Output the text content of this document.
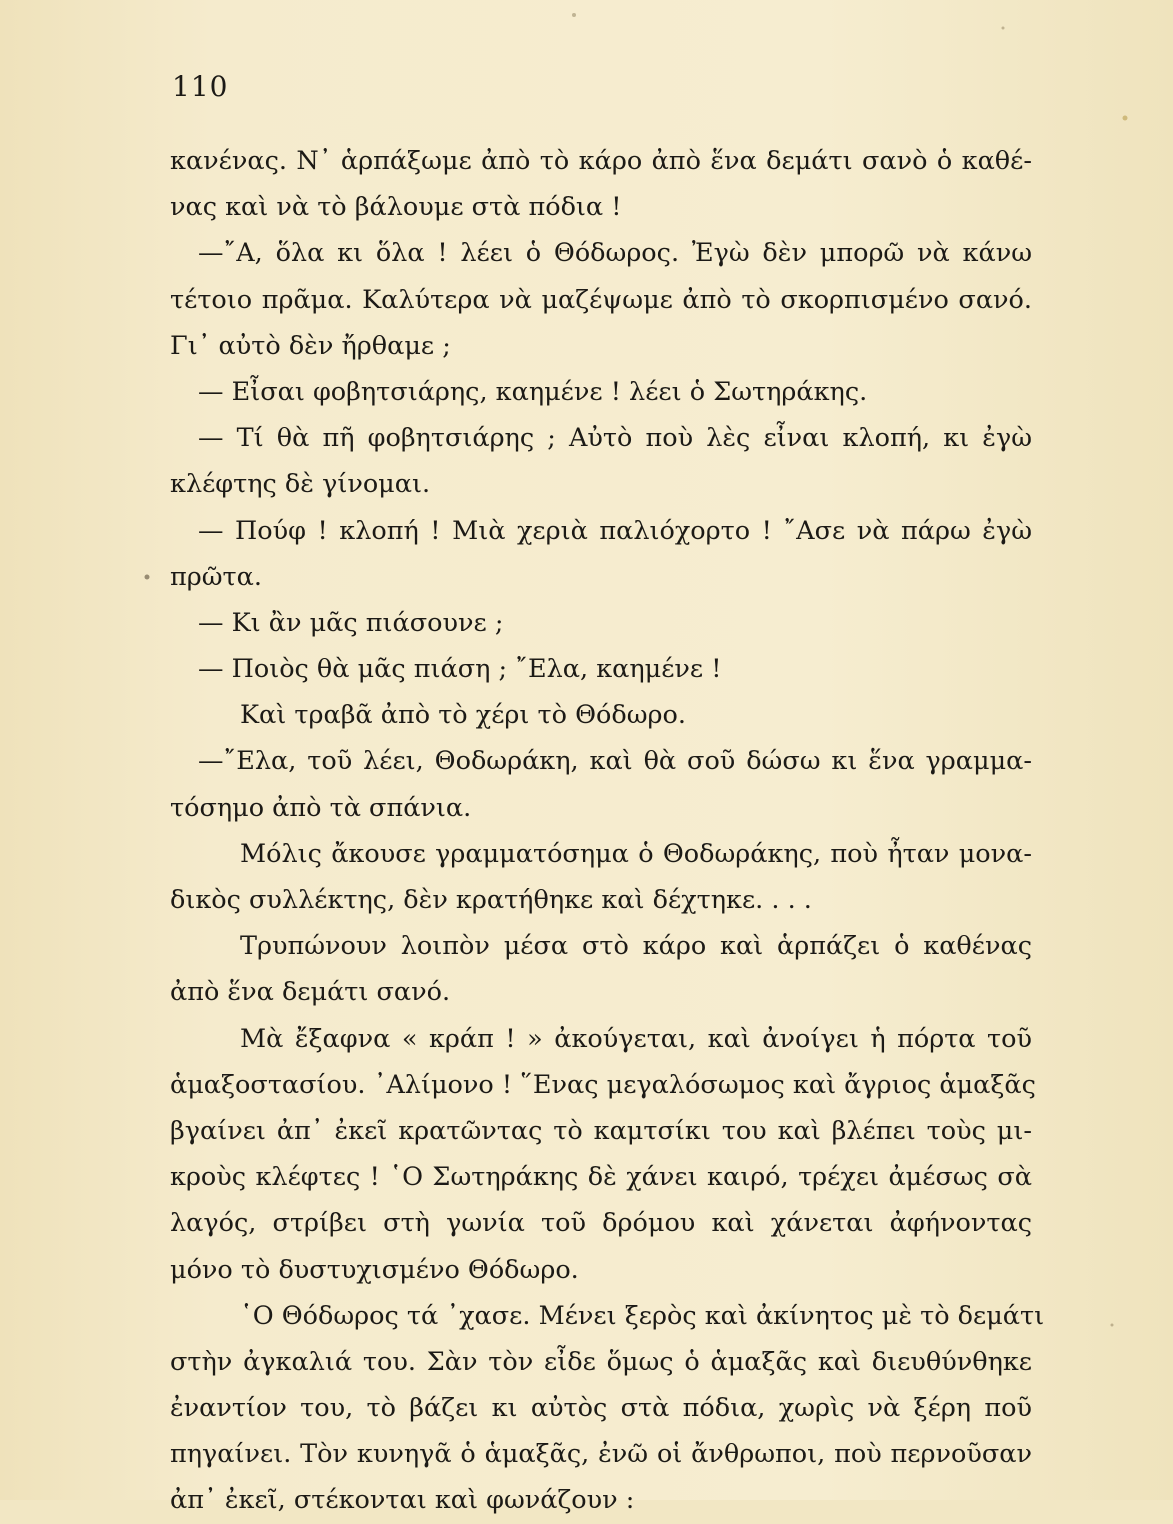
110
κανένας. Ν᾿ ἁρπάξωμε ἀπὸ τὸ κάρο ἀπὸ ἕνα δεμάτι σανὸ ὁ καθέ-
νας καὶ νὰ τὸ βάλουμε στὰ πόδια !
—῎Α, ὅλα κι ὅλα ! λέει ὁ Θόδωρος. Ἐγὼ δὲν μπορῶ νὰ κάνω
τέτοιο πρᾶμα. Καλύτερα νὰ μαζέψωμε ἀπὸ τὸ σκορπισμένο σανό.
Γι᾿ αὐτὸ δὲν ἤρθαμε ;
— Εἶσαι φοβητσιάρης, καημένε ! λέει ὁ Σωτηράκης.
— Τί θὰ πῆ φοβητσιάρης ; Αὐτὸ ποὺ λὲς εἶναι κλοπή, κι ἐγὼ
κλέφτης δὲ γίνομαι.
— Πούφ ! κλοπή ! Μιὰ χεριὰ παλιόχορτο ! ῎Ασε νὰ πάρω ἐγὼ
πρῶτα.
— Κι ἂν μᾶς πιάσουνε ;
— Ποιὸς θὰ μᾶς πιάση ; ῎Ελα, καημένε !
Καὶ τραβᾶ ἀπὸ τὸ χέρι τὸ Θόδωρο.
—῎Ελα, τοῦ λέει, Θοδωράκη, καὶ θὰ σοῦ δώσω κι ἕνα γραμμα-
τόσημο ἀπὸ τὰ σπάνια.
Μόλις ἄκουσε γραμματόσημα ὁ Θοδωράκης, ποὺ ἦταν μονα-
δικὸς συλλέκτης, δὲν κρατήθηκε καὶ δέχτηκε. . . .
Τρυπώνουν λοιπὸν μέσα στὸ κάρο καὶ ἁρπάζει ὁ καθένας
ἀπὸ ἕνα δεμάτι σανό.
Μὰ ἔξαφνα « κράπ ! » ἀκούγεται, καὶ ἀνοίγει ἡ πόρτα τοῦ
ἁμαξοστασίου. ᾿Αλίμονο ! ῞Ενας μεγαλόσωμος καὶ ἄγριος ἁμαξᾶς
βγαίνει ἀπ᾿ ἐκεῖ κρατῶντας τὸ καμτσίκι του καὶ βλέπει τοὺς μι-
κροὺς κλέφτες ! ῾Ο Σωτηράκης δὲ χάνει καιρό, τρέχει ἀμέσως σὰ
λαγός, στρίβει στὴ γωνία τοῦ δρόμου καὶ χάνεται ἀφήνοντας
μόνο τὸ δυστυχισμένο Θόδωρο.
῾Ο Θόδωρος τά ᾿χασε. Μένει ξερὸς καὶ ἀκίνητος μὲ τὸ δεμάτι
στὴν ἀγκαλιά του. Σὰν τὸν εἶδε ὅμως ὁ ἁμαξᾶς καὶ διευθύνθηκε
ἐναντίον του, τὸ βάζει κι αὐτὸς στὰ πόδια, χωρὶς νὰ ξέρη ποῦ
πηγαίνει. Τὸν κυνηγᾶ ὁ ἁμαξᾶς, ἐνῶ οἱ ἄνθρωποι, ποὺ περνοῦσαν
ἀπ᾿ ἐκεῖ, στέκονται καὶ φωνάζουν :
